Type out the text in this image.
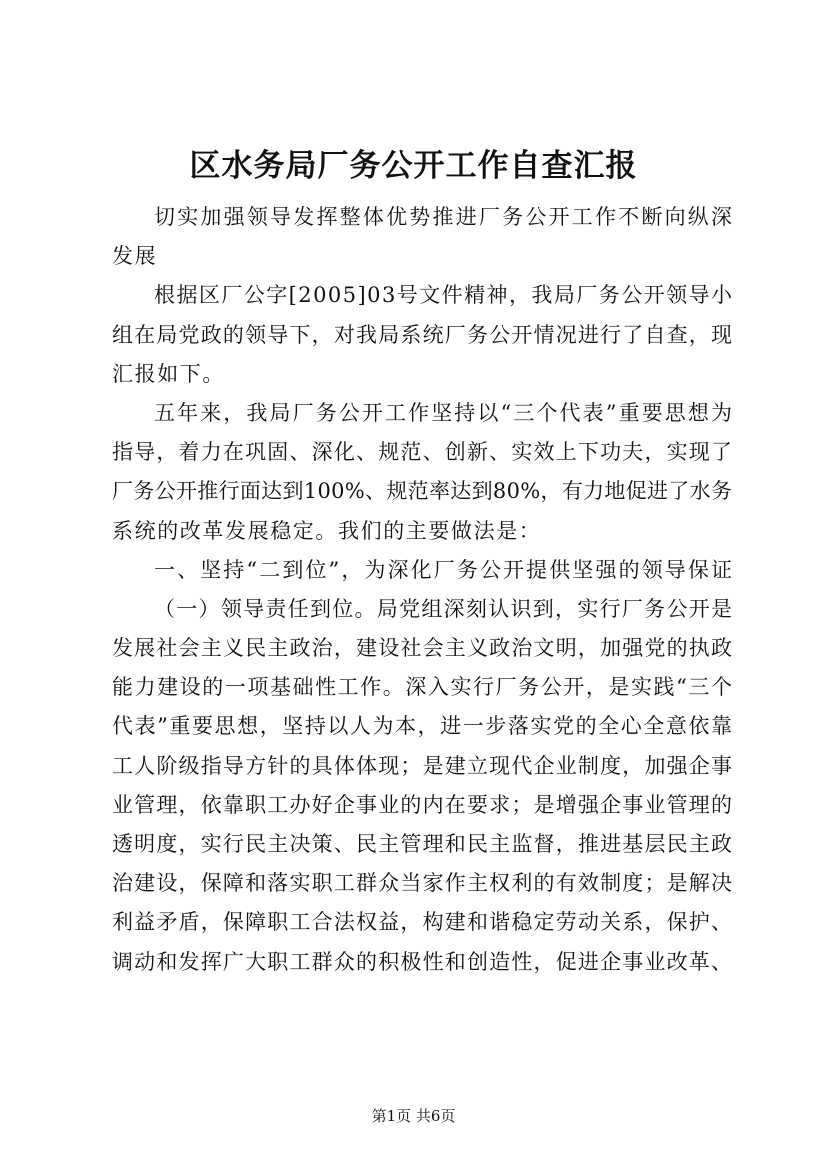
区水务局厂务公开工作自查汇报
切实加强领导发挥整体优势推进厂务公开工作不断向纵深
发展
根据区厂公字[2005]03号文件精神，我局厂务公开领导小
组在局党政的领导下，对我局系统厂务公开情况进行了自查，现
汇报如下。
五年来，我局厂务公开工作坚持以“三个代表”重要思想为
指导，着力在巩固、深化、规范、创新、实效上下功夫，实现了
厂务公开推行面达到100%、规范率达到80%，有力地促进了水务
系统的改革发展稳定。我们的主要做法是：
一、坚持“二到位”，为深化厂务公开提供坚强的领导保证
（一）领导责任到位。局党组深刻认识到，实行厂务公开是
发展社会主义民主政治，建设社会主义政治文明，加强党的执政
能力建设的一项基础性工作。深入实行厂务公开，是实践“三个
代表”重要思想，坚持以人为本，进一步落实党的全心全意依靠
工人阶级指导方针的具体体现；是建立现代企业制度，加强企事
业管理，依靠职工办好企事业的内在要求；是增强企事业管理的
透明度，实行民主决策、民主管理和民主监督，推进基层民主政
治建设，保障和落实职工群众当家作主权利的有效制度；是解决
利益矛盾，保障职工合法权益，构建和谐稳定劳动关系，保护、
调动和发挥广大职工群众的积极性和创造性，促进企事业改革、
第1页 共6页
